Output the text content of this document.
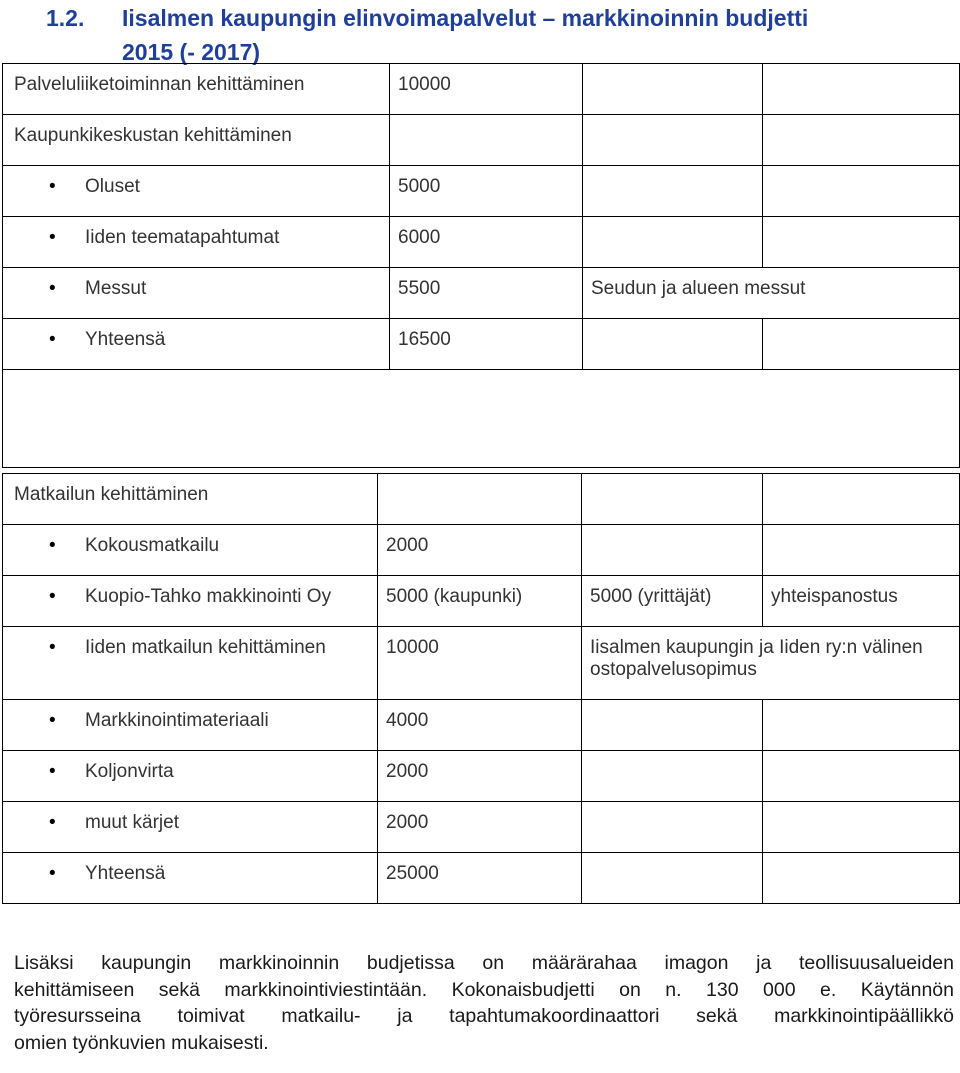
1.2. Iisalmen kaupungin elinvoimapalvelut – markkinoinnin budjetti
2015 (- 2017)
Palveluliiketoiminnan kehittäminen	10000		

Kaupunkikeskustan kehittäminen			

• Oluset	5000		

• Iiden teematapahtumat	6000		

• Messut	5500	Seudun ja alueen messut	

• Yhteensä	16500		

Matkailun kehittäminen			

• Kokousmatkailu	2000		

• Kuopio-Tahko makkinointi Oy	5000 (kaupunki)	5000 (yrittäjät)	yhteispanostus

• Iiden matkailun kehittäminen	10000	Iisalmen kaupungin ja Iiden ry:n välinen ostopalvelusopimus	

• Markkinointimateriaali	4000		

• Koljonvirta	2000		

• muut kärjet	2000		

• Yhteensä	25000		

Lisäksi kaupungin markkinoinnin budjetissa on määrärahaa imagon ja teollisuusalueiden
kehittämiseen sekä markkinointiviestintään. Kokonaisbudjetti on n. 130 000 e. Käytännön
työresursseina toimivat matkailu- ja tapahtumakoordinaattori sekä markkinointipäällikkö
omien työnkuvien mukaisesti.
